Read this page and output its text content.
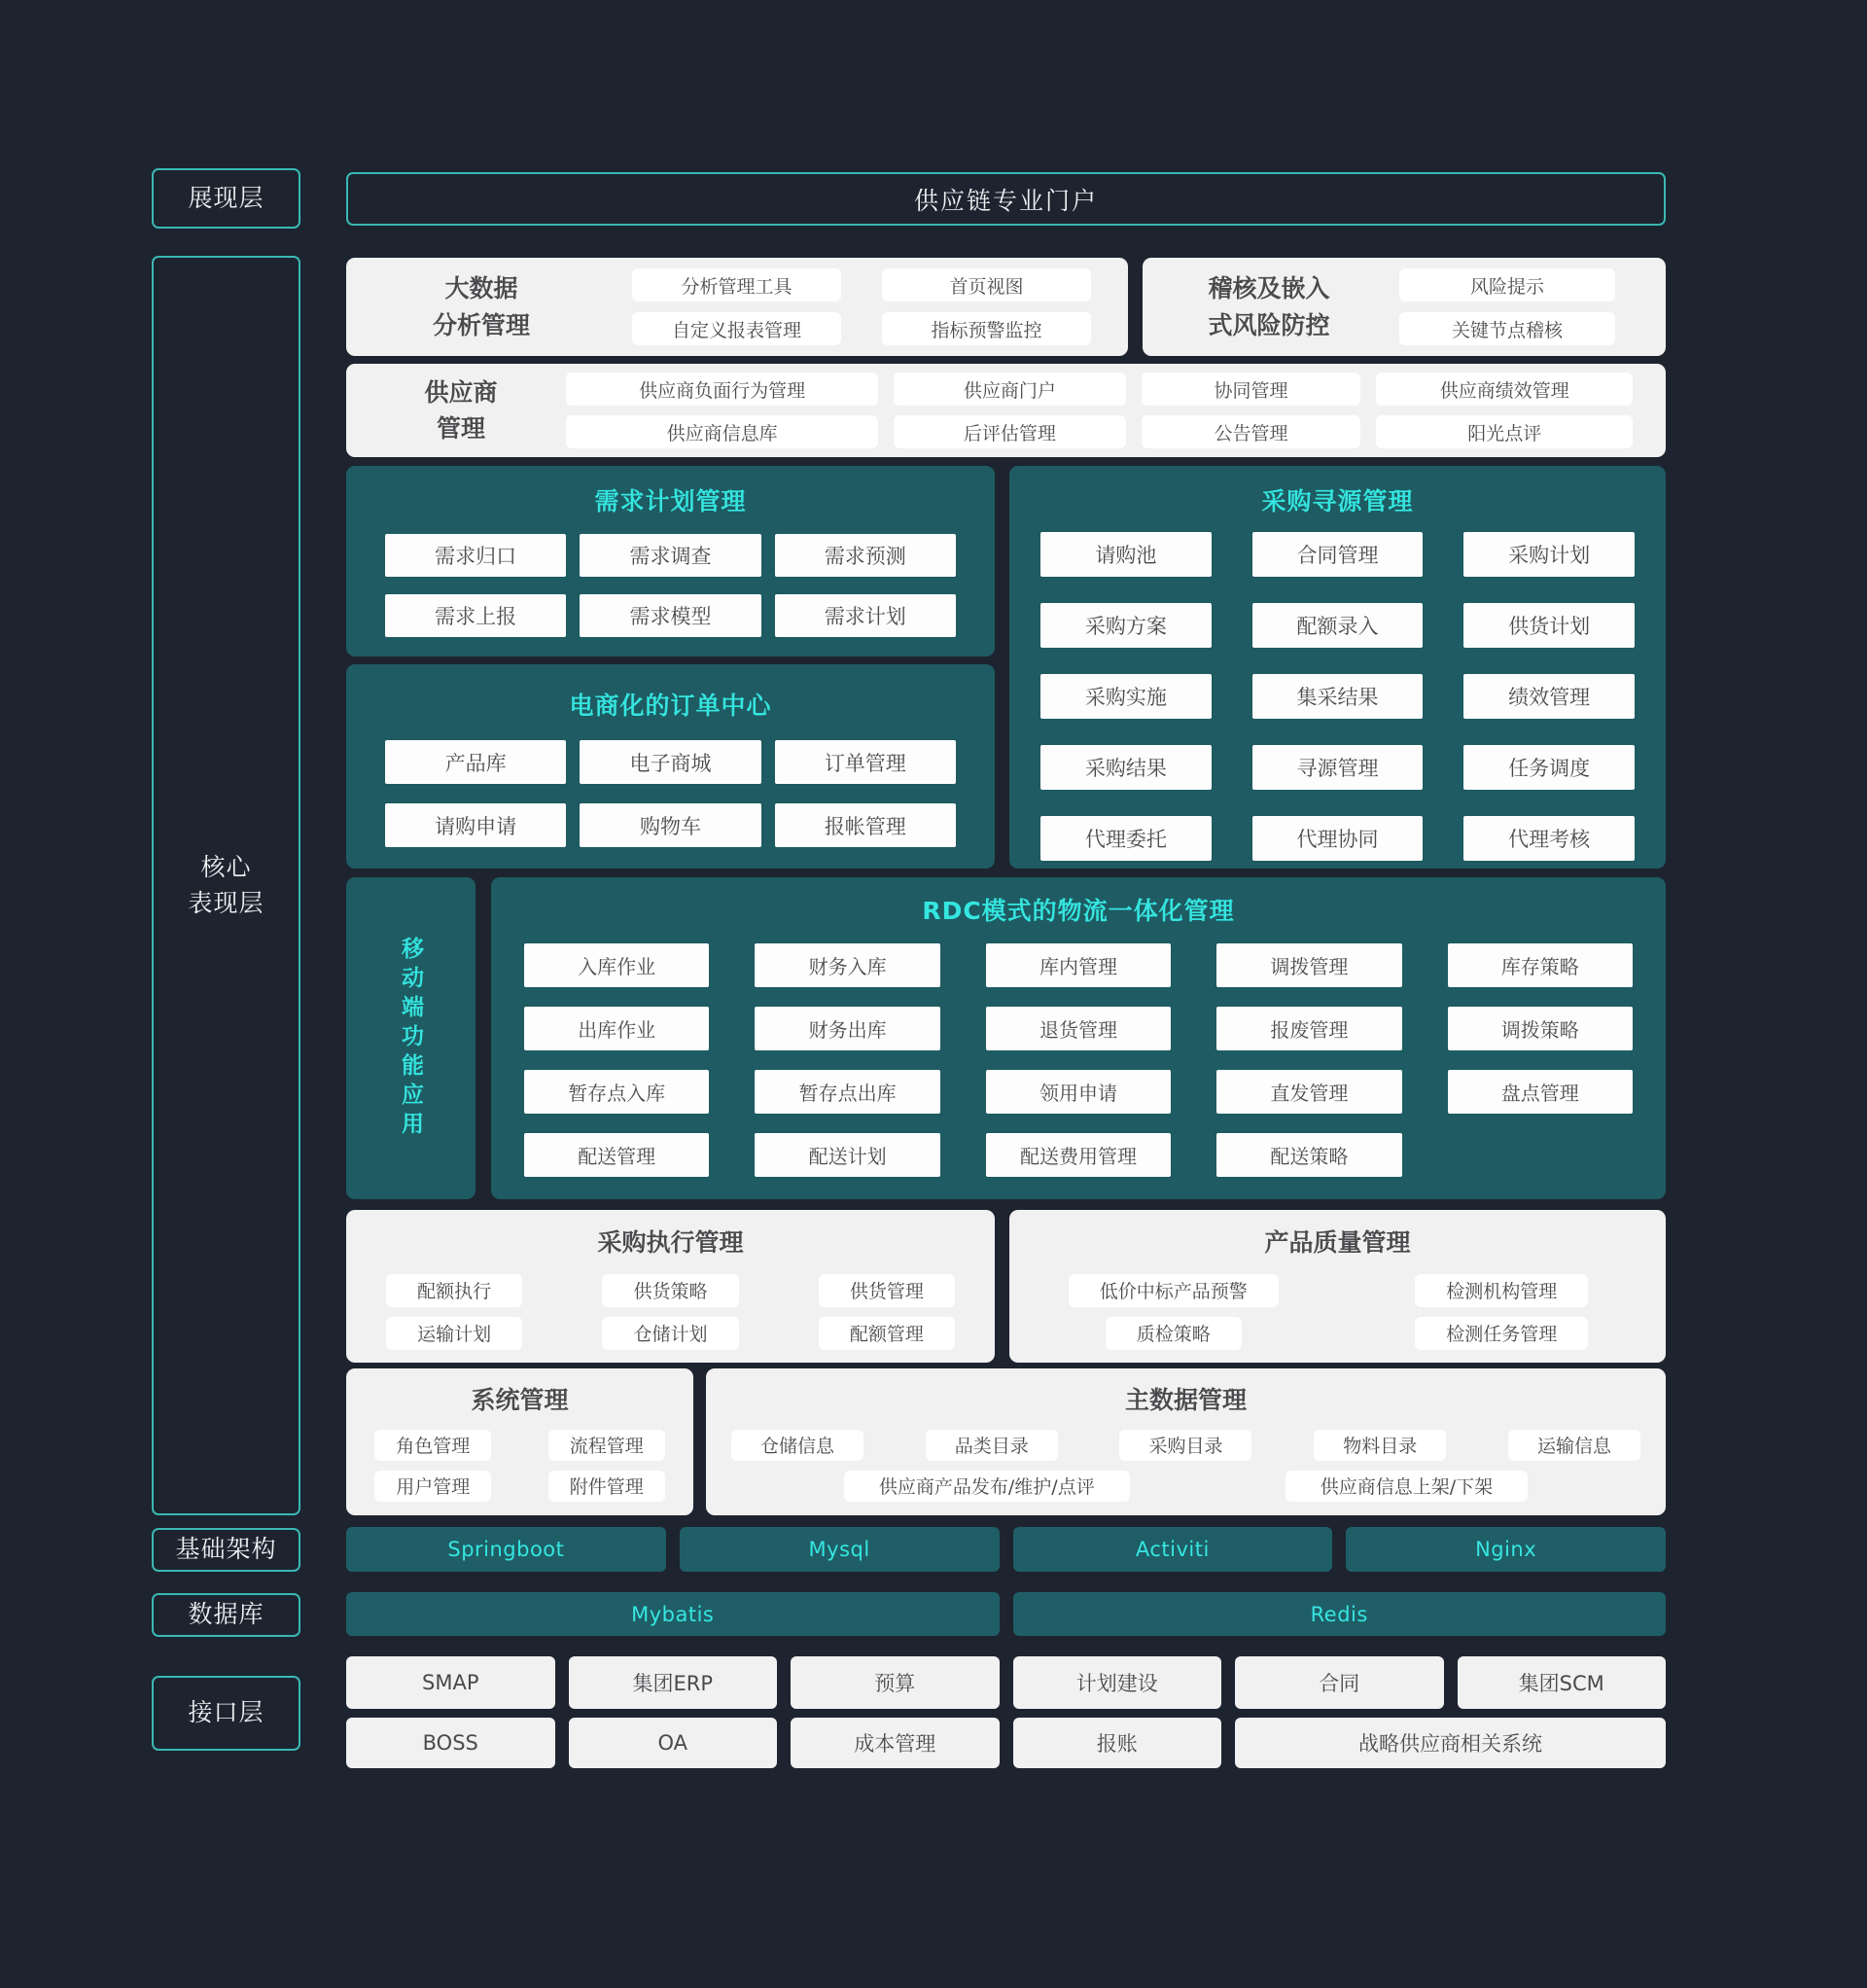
展现层
核心
表现层
基础架构
数据库
接口层
供应链专业门户
大数据
分析管理
分析管理工具	首页视图
自定义报表管理	指标预警监控
稽核及嵌入
式风险防控
风险提示
关键节点稽核
供应商
管理
供应商负面行为管理	供应商门户	协同管理	供应商绩效管理
供应商信息库	后评估管理	公告管理	阳光点评
需求计划管理
需求归口	需求调查	需求预测
需求上报	需求模型	需求计划
电商化的订单中心
产品库	电子商城	订单管理
请购申请	购物车	报帐管理
采购寻源管理
请购池	合同管理	采购计划
采购方案	配额录入	供货计划
采购实施	集采结果	绩效管理
采购结果	寻源管理	任务调度
代理委托	代理协同	代理考核
移动端功能应用
RDC模式的物流一体化管理
入库作业	财务入库	库内管理	调拨管理	库存策略
出库作业	财务出库	退货管理	报废管理	调拨策略
暂存点入库	暂存点出库	领用申请	直发管理	盘点管理
配送管理	配送计划	配送费用管理	配送策略
采购执行管理
配额执行	供货策略	供货管理
运输计划	仓储计划	配额管理
产品质量管理
低价中标产品预警	检测机构管理
质检策略	检测任务管理
系统管理
角色管理	流程管理
用户管理	附件管理
主数据管理
仓储信息	品类目录	采购目录	物料目录	运输信息
供应商产品发布/维护/点评	供应商信息上架/下架
Springboot	Mysql	Activiti	Nginx
Mybatis	Redis
SMAP	集团ERP	预算	计划建设	合同	集团SCM
BOSS	OA	成本管理	报账	战略供应商相关系统
